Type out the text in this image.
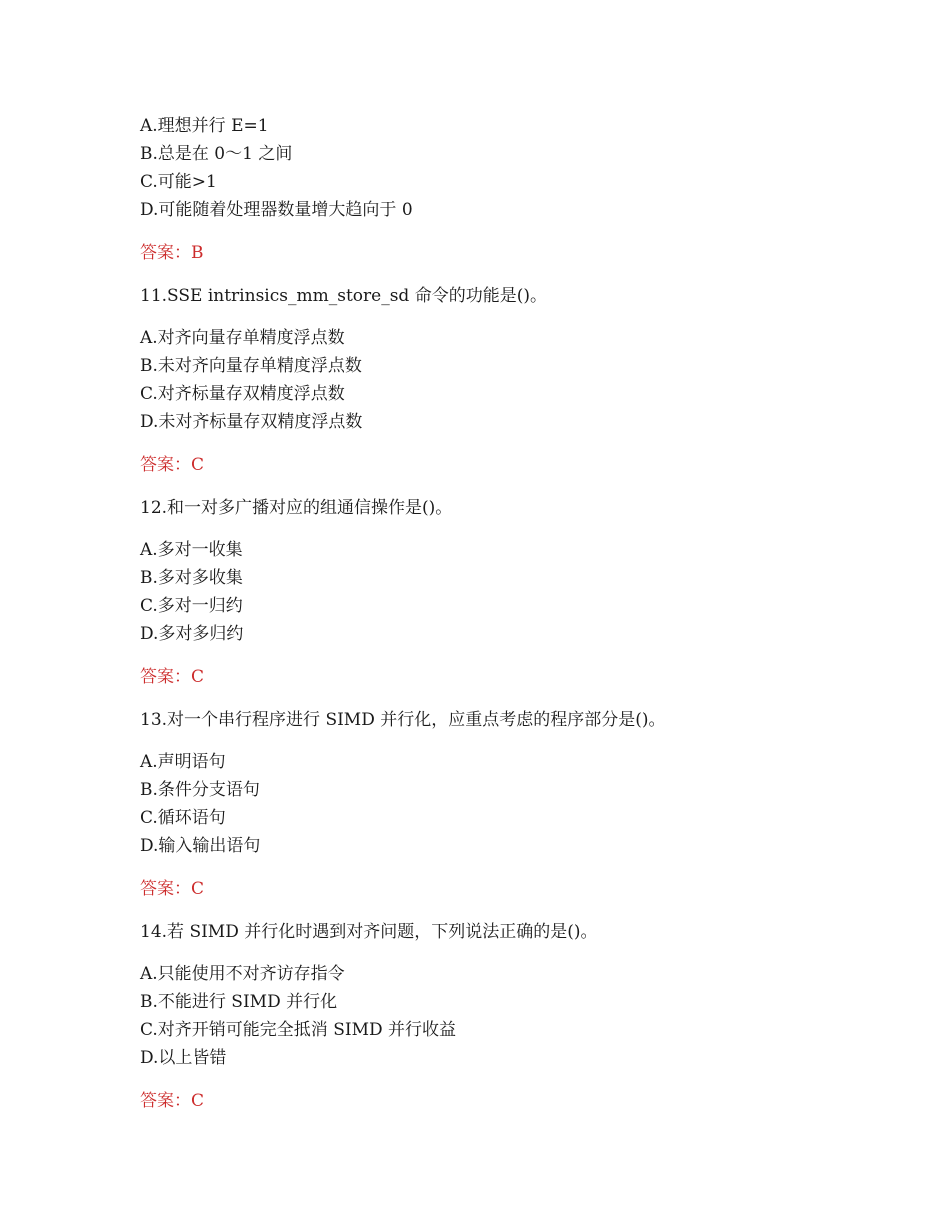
A.理想并行 E=1
B.总是在 0～1 之间
C.可能>1
D.可能随着处理器数量增大趋向于 0
答案：B
11.SSE intrinsics_mm_store_sd 命令的功能是()。
A.对齐向量存单精度浮点数
B.未对齐向量存单精度浮点数
C.对齐标量存双精度浮点数
D.未对齐标量存双精度浮点数
答案：C
12.和一对多广播对应的组通信操作是()。
A.多对一收集
B.多对多收集
C.多对一归约
D.多对多归约
答案：C
13.对一个串行程序进行 SIMD 并行化，应重点考虑的程序部分是()。
A.声明语句
B.条件分支语句
C.循环语句
D.输入输出语句
答案：C
14.若 SIMD 并行化时遇到对齐问题，下列说法正确的是()。
A.只能使用不对齐访存指令
B.不能进行 SIMD 并行化
C.对齐开销可能完全抵消 SIMD 并行收益
D.以上皆错
答案：C
